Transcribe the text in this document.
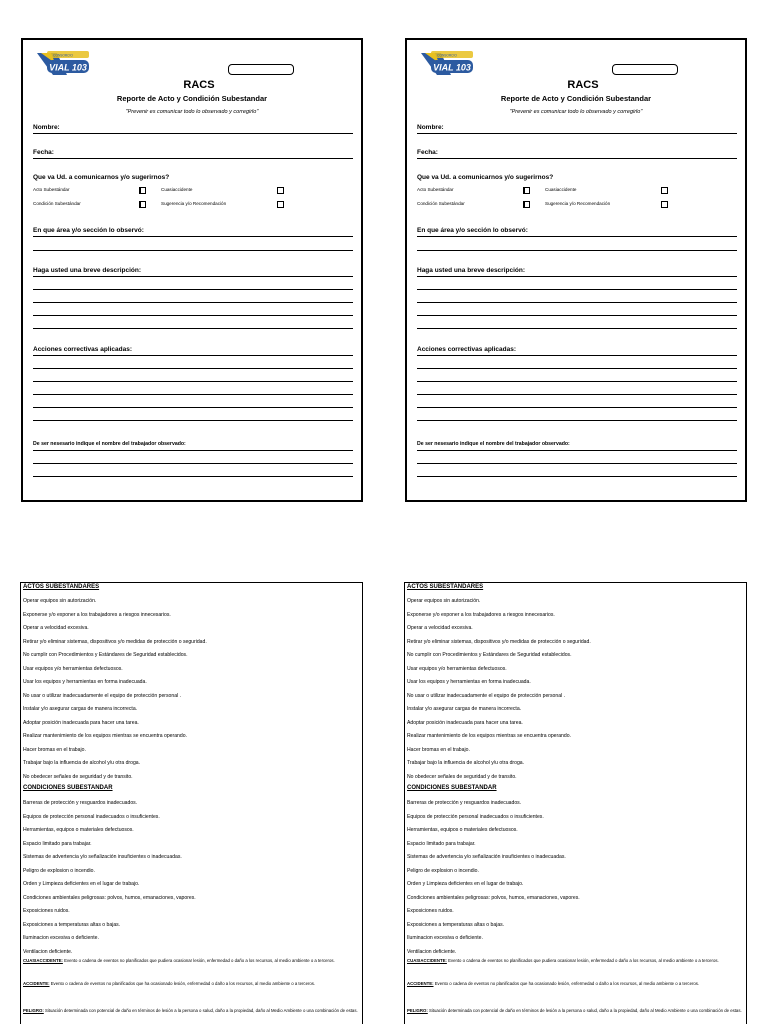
CONSORCIO
VIAL 103
RACS
Reporte de Acto y Condición Subestandar
"Prevenir es comunicar todo lo observado y corregirlo"
Nombre:
Fecha:
Que va Ud. a comunicarnos y/o sugerirnos?
Acto Subestándar	Cuasiaccidente
Condición Subestándar	Sugerencia y/o Recomendación
En que área y/o sección lo observó:
Haga usted una breve descripción:
Acciones correctivas aplicadas:
De ser nesesario indique el nombre del trabajador observado:
CONSORCIO
VIAL 103
RACS
Reporte de Acto y Condición Subestandar
"Prevenir es comunicar todo lo observado y corregirlo"
Nombre:
Fecha:
Que va Ud. a comunicarnos y/o sugerirnos?
Acto Subestándar	Cuasiaccidente
Condición Subestándar	Sugerencia y/o Recomendación
En que área y/o sección lo observó:
Haga usted una breve descripción:
Acciones correctivas aplicadas:
De ser nesesario indique el nombre del trabajador observado:
ACTOS SUBESTANDARES
Operar equipos sin autorización.
Exponerse y/o exponer a los trabajadores a riesgos innecesarios.
Operar a velocidad excesiva.
Retirar y/o eliminar sistemas, dispositivos y/o medidas de protección o seguridad.
No cumplir con Procedimientos y Estándares de Seguridad establecidos.
Usar equipos y/o herramientas defectuosos.
Usar los equipos y herramientas en forma inadecuada.
No usar o utilizar inadecuadamente el equipo de protección personal .
Instalar y/o asegurar cargas de manera incorrecta.
Adoptar posición inadecuada para hacer una tarea.
Realizar mantenimiento de los equipos mientras se encuentra operando.
Hacer bromas en el trabajo.
Trabajar bajo la influencia de alcohol y/u otra droga.
No obedecer señales de seguridad y de transito.
CONDICIONES SUBESTANDAR
Barreras de protección y resguardos inadecuados.
Equipos de protección personal inadecuados o insuficientes.
Herramientas, equipos o materiales defectuosos.
Espacio limitado para trabajar.
Sistemas de advertencia y/o señalización insuficientes o inadecuadas.
Peligro de explosion o incendio.
Orden y Limpieza deficientes en el lugar de trabajo.
Condiciones ambientales peligrosas: polvos, humos, emanaciones, vapores.
Exposiciones ruidos.
Exposiciones a temperaturas altas o bajas.
Iluminacion excesiva o deficiente.
Ventilacion deficiente.
CUASIACCIDENTE: Evento o cadena de eventos no planificados que pudiera ocasionar lesión, enfermedad o daño a los recursos, al medio ambiente o a terceros.
ACCIDENTE: Evento o cadena de eventos no planificados que ha ocasionado lesión, enfermedad o daño a los recursos, al medio ambiente o a terceros.
PELIGRO: Situación determinada con potencial de daño en términos de lesión a la persona o salud, daño a la propiedad, daño al Medio Ambiente o una combinación de estas.
ACTOS SUBESTANDARES
Operar equipos sin autorización.
Exponerse y/o exponer a los trabajadores a riesgos innecesarios.
Operar a velocidad excesiva.
Retirar y/o eliminar sistemas, dispositivos y/o medidas de protección o seguridad.
No cumplir con Procedimientos y Estándares de Seguridad establecidos.
Usar equipos y/o herramientas defectuosos.
Usar los equipos y herramientas en forma inadecuada.
No usar o utilizar inadecuadamente el equipo de protección personal .
Instalar y/o asegurar cargas de manera incorrecta.
Adoptar posición inadecuada para hacer una tarea.
Realizar mantenimiento de los equipos mientras se encuentra operando.
Hacer bromas en el trabajo.
Trabajar bajo la influencia de alcohol y/u otra droga.
No obedecer señales de seguridad y de transito.
CONDICIONES SUBESTANDAR
Barreras de protección y resguardos inadecuados.
Equipos de protección personal inadecuados o insuficientes.
Herramientas, equipos o materiales defectuosos.
Espacio limitado para trabajar.
Sistemas de advertencia y/o señalización insuficientes o inadecuadas.
Peligro de explosion o incendio.
Orden y Limpieza deficientes en el lugar de trabajo.
Condiciones ambientales peligrosas: polvos, humos, emanaciones, vapores.
Exposiciones ruidos.
Exposiciones a temperaturas altas o bajas.
Iluminacion excesiva o deficiente.
Ventilacion deficiente.
CUASIACCIDENTE: Evento o cadena de eventos no planificados que pudiera ocasionar lesión, enfermedad o daño a los recursos, al medio ambiente o a terceros.
ACCIDENTE: Evento o cadena de eventos no planificados que ha ocasionado lesión, enfermedad o daño a los recursos, al medio ambiente o a terceros.
PELIGRO: Situación determinada con potencial de daño en términos de lesión a la persona o salud, daño a la propiedad, daño al Medio Ambiente o una combinación de estas.
